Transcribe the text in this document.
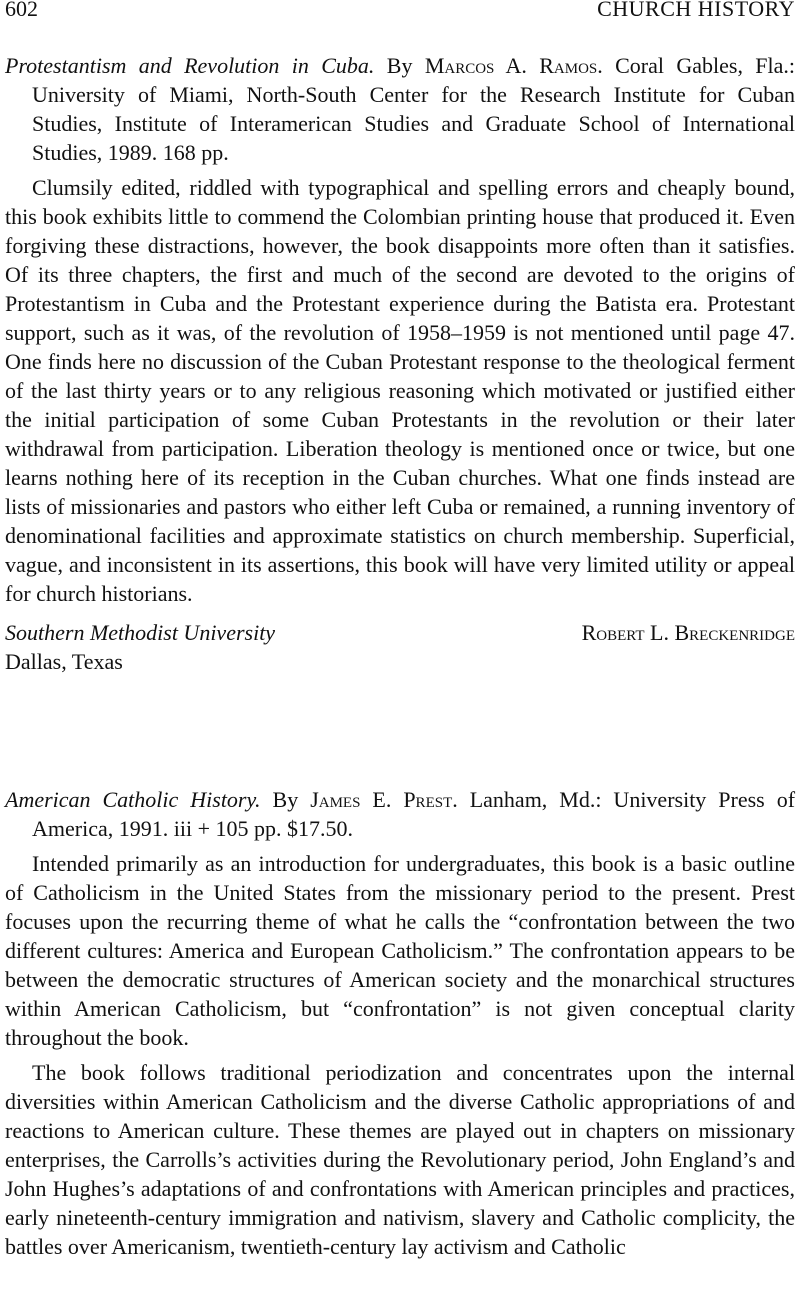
602	CHURCH HISTORY

Protestantism and Revolution in Cuba. By Marcos A. Ramos. Coral Gables, Fla.: University of Miami, North-South Center for the Research Institute for Cuban Studies, Institute of Interamerican Studies and Graduate School of International Studies, 1989. 168 pp.

Clumsily edited, riddled with typographical and spelling errors and cheaply bound, this book exhibits little to commend the Colombian printing house that produced it. Even forgiving these distractions, however, the book disappoints more often than it satisfies. Of its three chapters, the first and much of the second are devoted to the origins of Protestantism in Cuba and the Protestant experience during the Batista era. Protestant support, such as it was, of the revolution of 1958–1959 is not mentioned until page 47. One finds here no discussion of the Cuban Protestant response to the theological ferment of the last thirty years or to any religious reasoning which motivated or justified either the initial participation of some Cuban Protestants in the revolution or their later withdrawal from participation. Liberation theology is mentioned once or twice, but one learns nothing here of its reception in the Cuban churches. What one finds instead are lists of missionaries and pastors who either left Cuba or remained, a running inventory of denominational facilities and approximate statistics on church membership. Superficial, vague, and inconsistent in its assertions, this book will have very limited utility or appeal for church historians.

Southern Methodist University	Robert L. Breckenridge
Dallas, Texas

American Catholic History. By James E. Prest. Lanham, Md.: University Press of America, 1991. iii + 105 pp. $17.50.

Intended primarily as an introduction for undergraduates, this book is a basic outline of Catholicism in the United States from the missionary period to the present. Prest focuses upon the recurring theme of what he calls the “confrontation between the two different cultures: America and European Catholicism.” The confrontation appears to be between the democratic structures of American society and the monarchical structures within American Catholicism, but “confrontation” is not given conceptual clarity throughout the book.

The book follows traditional periodization and concentrates upon the internal diversities within American Catholicism and the diverse Catholic appropriations of and reactions to American culture. These themes are played out in chapters on missionary enterprises, the Carrolls’s activities during the Revolutionary period, John England’s and John Hughes’s adaptations of and confrontations with American principles and practices, early nineteenth-century immigration and nativism, slavery and Catholic complicity, the battles over Americanism, twentieth-century lay activism and Catholic
